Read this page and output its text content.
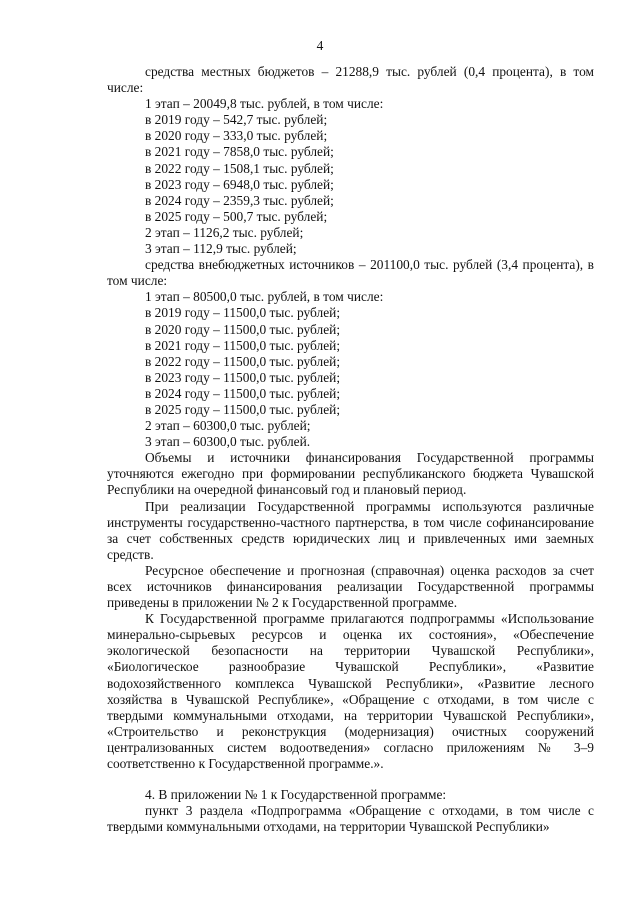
4

средства местных бюджетов – 21288,9 тыс. рублей (0,4 процента), в том числе:

1 этап – 20049,8 тыс. рублей, в том числе:

в 2019 году – 542,7 тыс. рублей;

в 2020 году – 333,0 тыс. рублей;

в 2021 году – 7858,0 тыс. рублей;

в 2022 году – 1508,1 тыс. рублей;

в 2023 году – 6948,0 тыс. рублей;

в 2024 году – 2359,3 тыс. рублей;

в 2025 году – 500,7 тыс. рублей;

2 этап – 1126,2 тыс. рублей;

3 этап – 112,9 тыс. рублей;

средства внебюджетных источников – 201100,0 тыс. рублей (3,4 процента), в том числе:

1 этап – 80500,0 тыс. рублей, в том числе:

в 2019 году – 11500,0 тыс. рублей;

в 2020 году – 11500,0 тыс. рублей;

в 2021 году – 11500,0 тыс. рублей;

в 2022 году – 11500,0 тыс. рублей;

в 2023 году – 11500,0 тыс. рублей;

в 2024 году – 11500,0 тыс. рублей;

в 2025 году – 11500,0 тыс. рублей;

2 этап – 60300,0 тыс. рублей;

3 этап – 60300,0 тыс. рублей.

Объемы и источники финансирования Государственной программы уточняются ежегодно при формировании республиканского бюджета Чувашской Республики на очередной финансовый год и плановый период.

При реализации Государственной программы используются различные инструменты государственно-частного партнерства, в том числе софинансирование за счет собственных средств юридических лиц и привлеченных ими заемных средств.

Ресурсное обеспечение и прогнозная (справочная) оценка расходов за счет всех источников финансирования реализации Государственной программы приведены в приложении № 2 к Государственной программе.

К Государственной программе прилагаются подпрограммы «Использование минерально-сырьевых ресурсов и оценка их состояния», «Обеспечение экологической безопасности на территории Чувашской Республики», «Биологическое разнообразие Чувашской Республики», «Развитие водохозяйственного комплекса Чувашской Республики», «Развитие лесного хозяйства в Чувашской Республике», «Обращение с отходами, в том числе с твердыми коммунальными отходами, на территории Чувашской Республики», «Строительство и реконструкция (модернизация) очистных сооружений централизованных систем водоотведения» согласно приложениям № 3–9 соответственно к Государственной программе.».

4. В приложении № 1 к Государственной программе:

пункт 3 раздела «Подпрограмма «Обращение с отходами, в том числе с твердыми коммунальными отходами, на территории Чувашской Республики»
